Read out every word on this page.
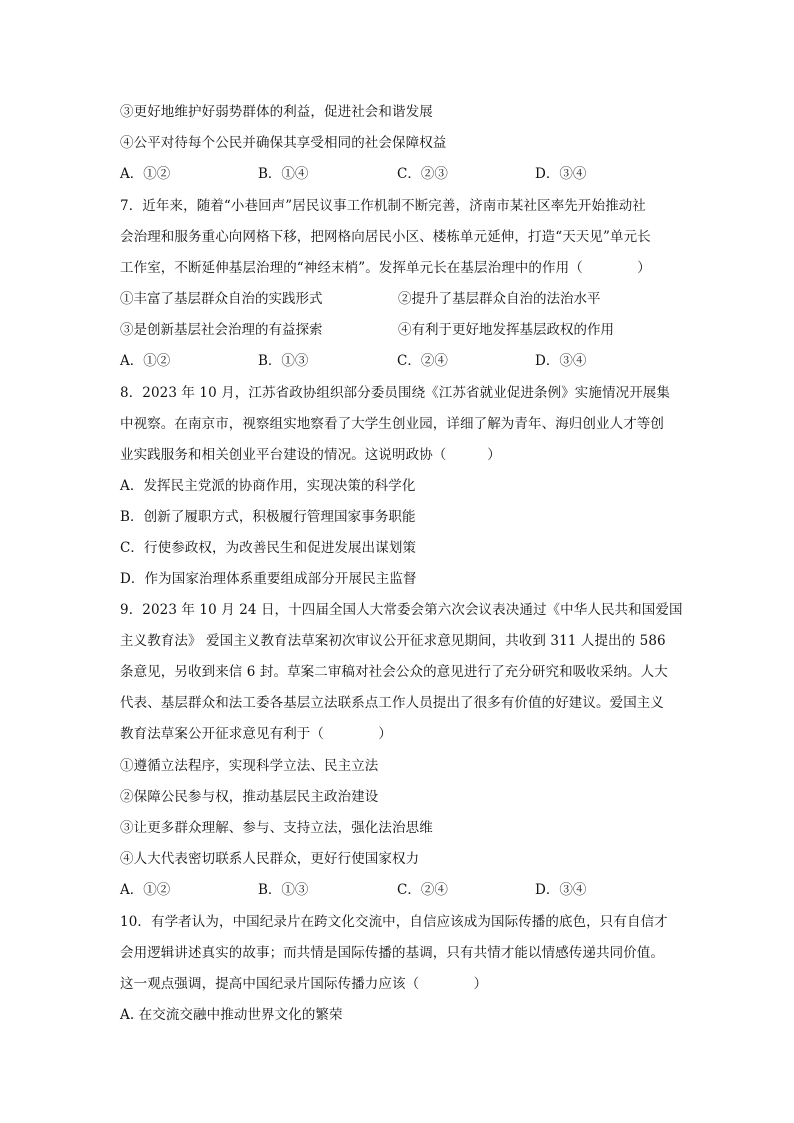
③更好地维护好弱势群体的利益，促进社会和谐发展
④公平对待每个公民并确保其享受相同的社会保障权益
A．①②	B．①④	C．②③	D．③④
7．近年来，随着“小巷回声”居民议事工作机制不断完善，济南市某社区率先开始推动社
会治理和服务重心向网格下移，把网格向居民小区、楼栋单元延伸，打造“天天见”单元长
工作室，不断延伸基层治理的“神经末梢”。发挥单元长在基层治理中的作用（　　　　）
①丰富了基层群众自治的实践形式	②提升了基层群众自治的法治水平
③是创新基层社会治理的有益探索	④有利于更好地发挥基层政权的作用
A．①②	B．①③	C．②④	D．③④
8．2023 年 10 月，江苏省政协组织部分委员围绕《江苏省就业促进条例》实施情况开展集
中视察。在南京市，视察组实地察看了大学生创业园，详细了解为青年、海归创业人才等创
业实践服务和相关创业平台建设的情况。这说明政协（　　　）
A．发挥民主党派的协商作用，实现决策的科学化
B．创新了履职方式，积极履行管理国家事务职能
C．行使参政权，为改善民生和促进发展出谋划策
D．作为国家治理体系重要组成部分开展民主监督
9．2023 年 10 月 24 日，十四届全国人大常委会第六次会议表决通过《中华人民共和国爱国
主义教育法》 爱国主义教育法草案初次审议公开征求意见期间，共收到 311 人提出的 586
条意见，另收到来信 6 封。草案二审稿对社会公众的意见进行了充分研究和吸收采纳。人大
代表、基层群众和法工委各基层立法联系点工作人员提出了很多有价值的好建议。爱国主义
教育法草案公开征求意见有利于（　　　　）
①遵循立法程序，实现科学立法、民主立法
②保障公民参与权，推动基层民主政治建设
③让更多群众理解、参与、支持立法，强化法治思维
④人大代表密切联系人民群众，更好行使国家权力
A．①②	B．①③	C．②④	D．③④
10．有学者认为，中国纪录片在跨文化交流中，自信应该成为国际传播的底色，只有自信才
会用逻辑讲述真实的故事；而共情是国际传播的基调，只有共情才能以情感传递共同价值。
这一观点强调，提高中国纪录片国际传播力应该（　　　　）
A. 在交流交融中推动世界文化的繁荣
